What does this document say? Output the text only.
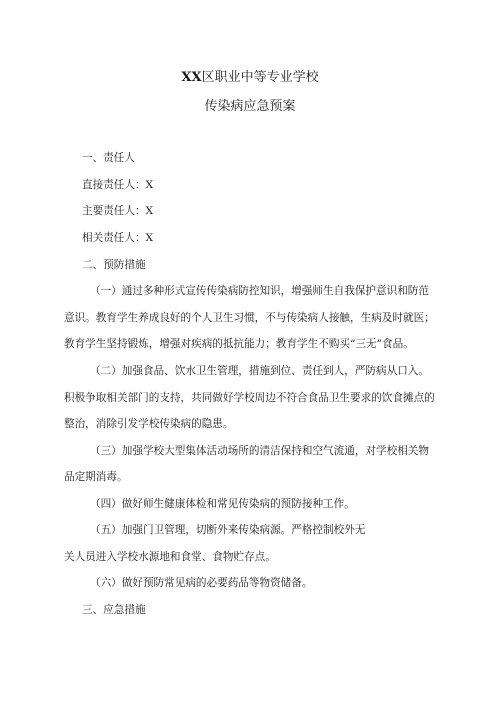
XX区职业中等专业学校
传染病应急预案
一、责任人
直接责任人：X
主要责任人：X
相关责任人：X
二、预防措施
（一）通过多种形式宣传传染病防控知识，增强师生自我保护意识和防范
意识。教育学生养成良好的个人卫生习惯，不与传染病人接触，生病及时就医；
教育学生坚持锻炼，增强对疾病的抵抗能力；教育学生不购买“三无”食品。
（二）加强食品、饮水卫生管理，措施到位、责任到人，严防病从口入。
积极争取相关部门的支持，共同做好学校周边不符合食品卫生要求的饮食摊点的
整治，消除引发学校传染病的隐患。
（三）加强学校大型集体活动场所的清洁保持和空气流通，对学校相关物
品定期消毒。
（四）做好师生健康体检和常见传染病的预防接种工作。
（五）加强门卫管理，切断外来传染病源。严格控制校外无
关人员进入学校水源地和食堂、食物贮存点。
（六）做好预防常见病的必要药品等物资储备。
三、应急措施
